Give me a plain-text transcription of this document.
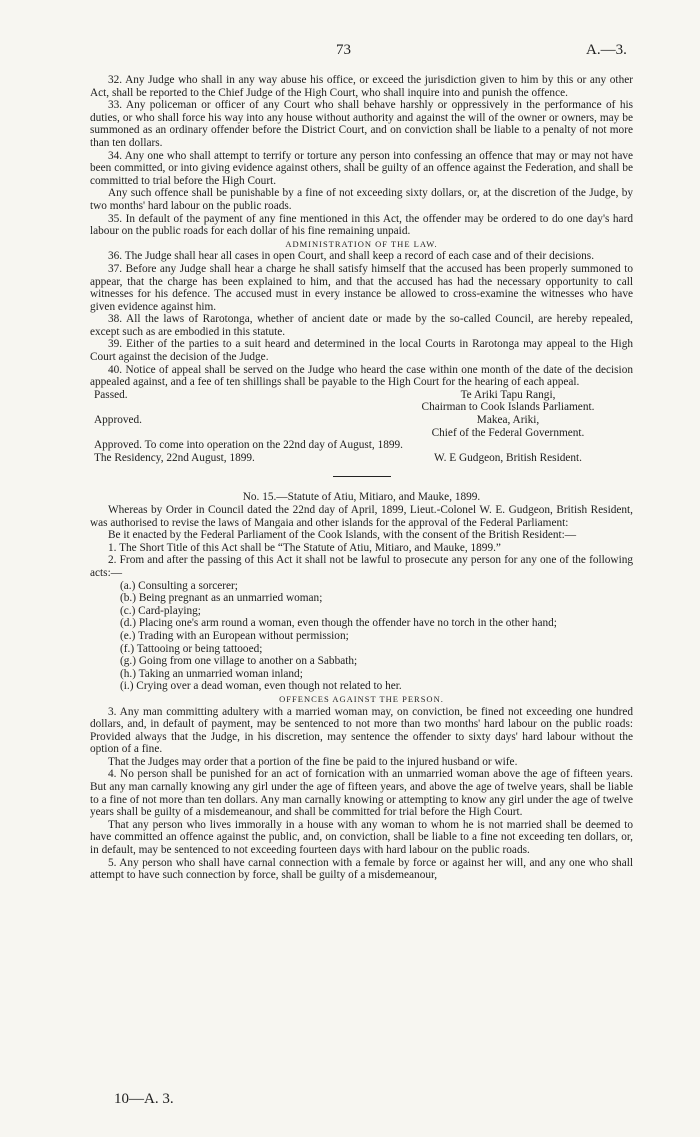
73	A.—3.

32. Any Judge who shall in any way abuse his office, or exceed the jurisdiction given to him by this or any other Act, shall be reported to the Chief Judge of the High Court, who shall inquire into and punish the offence.

33. Any policeman or officer of any Court who shall behave harshly or oppressively in the performance of his duties, or who shall force his way into any house without authority and against the will of the owner or owners, may be summoned as an ordinary offender before the District Court, and on conviction shall be liable to a penalty of not more than ten dollars.

34. Any one who shall attempt to terrify or torture any person into confessing an offence that may or may not have been committed, or into giving evidence against others, shall be guilty of an offence against the Federation, and shall be committed to trial before the High Court.

Any such offence shall be punishable by a fine of not exceeding sixty dollars, or, at the discretion of the Judge, by two months' hard labour on the public roads.

35. In default of the payment of any fine mentioned in this Act, the offender may be ordered to do one day's hard labour on the public roads for each dollar of his fine remaining unpaid.

ADMINISTRATION OF THE LAW.

36. The Judge shall hear all cases in open Court, and shall keep a record of each case and of their decisions.

37. Before any Judge shall hear a charge he shall satisfy himself that the accused has been properly summoned to appear, that the charge has been explained to him, and that the accused has had the necessary opportunity to call witnesses for his defence. The accused must in every instance be allowed to cross-examine the witnesses who have given evidence against him.

38. All the laws of Rarotonga, whether of ancient date or made by the so-called Council, are hereby repealed, except such as are embodied in this statute.

39. Either of the parties to a suit heard and determined in the local Courts in Rarotonga may appeal to the High Court against the decision of the Judge.

40. Notice of appeal shall be served on the Judge who heard the case within one month of the date of the decision appealed against, and a fee of ten shillings shall be payable to the High Court for the hearing of each appeal.

Passed.	Te Ariki Tapu Rangi,
Chairman to Cook Islands Parliament.
Approved.	Makea, Ariki,
Chief of the Federal Government.
Approved. To come into operation on the 22nd day of August, 1899.
The Residency, 22nd August, 1899.	W. E Gudgeon, British Resident.

No. 15.—Statute of Atiu, Mitiaro, and Mauke, 1899.

Whereas by Order in Council dated the 22nd day of April, 1899, Lieut.-Colonel W. E. Gudgeon, British Resident, was authorised to revise the laws of Mangaia and other islands for the approval of the Federal Parliament:

Be it enacted by the Federal Parliament of the Cook Islands, with the consent of the British Resident:—

1. The Short Title of this Act shall be “The Statute of Atiu, Mitiaro, and Mauke, 1899.”

2. From and after the passing of this Act it shall not be lawful to prosecute any person for any one of the following acts:—

(a.) Consulting a sorcerer;
(b.) Being pregnant as an unmarried woman;
(c.) Card-playing;
(d.) Placing one's arm round a woman, even though the offender have no torch in the other hand;
(e.) Trading with an European without permission;
(f.) Tattooing or being tattooed;
(g.) Going from one village to another on a Sabbath;
(h.) Taking an unmarried woman inland;
(i.) Crying over a dead woman, even though not related to her.

OFFENCES AGAINST THE PERSON.

3. Any man committing adultery with a married woman may, on conviction, be fined not exceeding one hundred dollars, and, in default of payment, may be sentenced to not more than two months' hard labour on the public roads: Provided always that the Judge, in his discretion, may sentence the offender to sixty days' hard labour without the option of a fine.

That the Judges may order that a portion of the fine be paid to the injured husband or wife.

4. No person shall be punished for an act of fornication with an unmarried woman above the age of fifteen years. But any man carnally knowing any girl under the age of fifteen years, and above the age of twelve years, shall be liable to a fine of not more than ten dollars. Any man carnally knowing or attempting to know any girl under the age of twelve years shall be guilty of a misdemeanour, and shall be committed for trial before the High Court.

That any person who lives immorally in a house with any woman to whom he is not married shall be deemed to have committed an offence against the public, and, on conviction, shall be liable to a fine not exceeding ten dollars, or, in default, may be sentenced to not exceeding fourteen days with hard labour on the public roads.

5. Any person who shall have carnal connection with a female by force or against her will, and any one who shall attempt to have such connection by force, shall be guilty of a misdemeanour,

10—A. 3.
